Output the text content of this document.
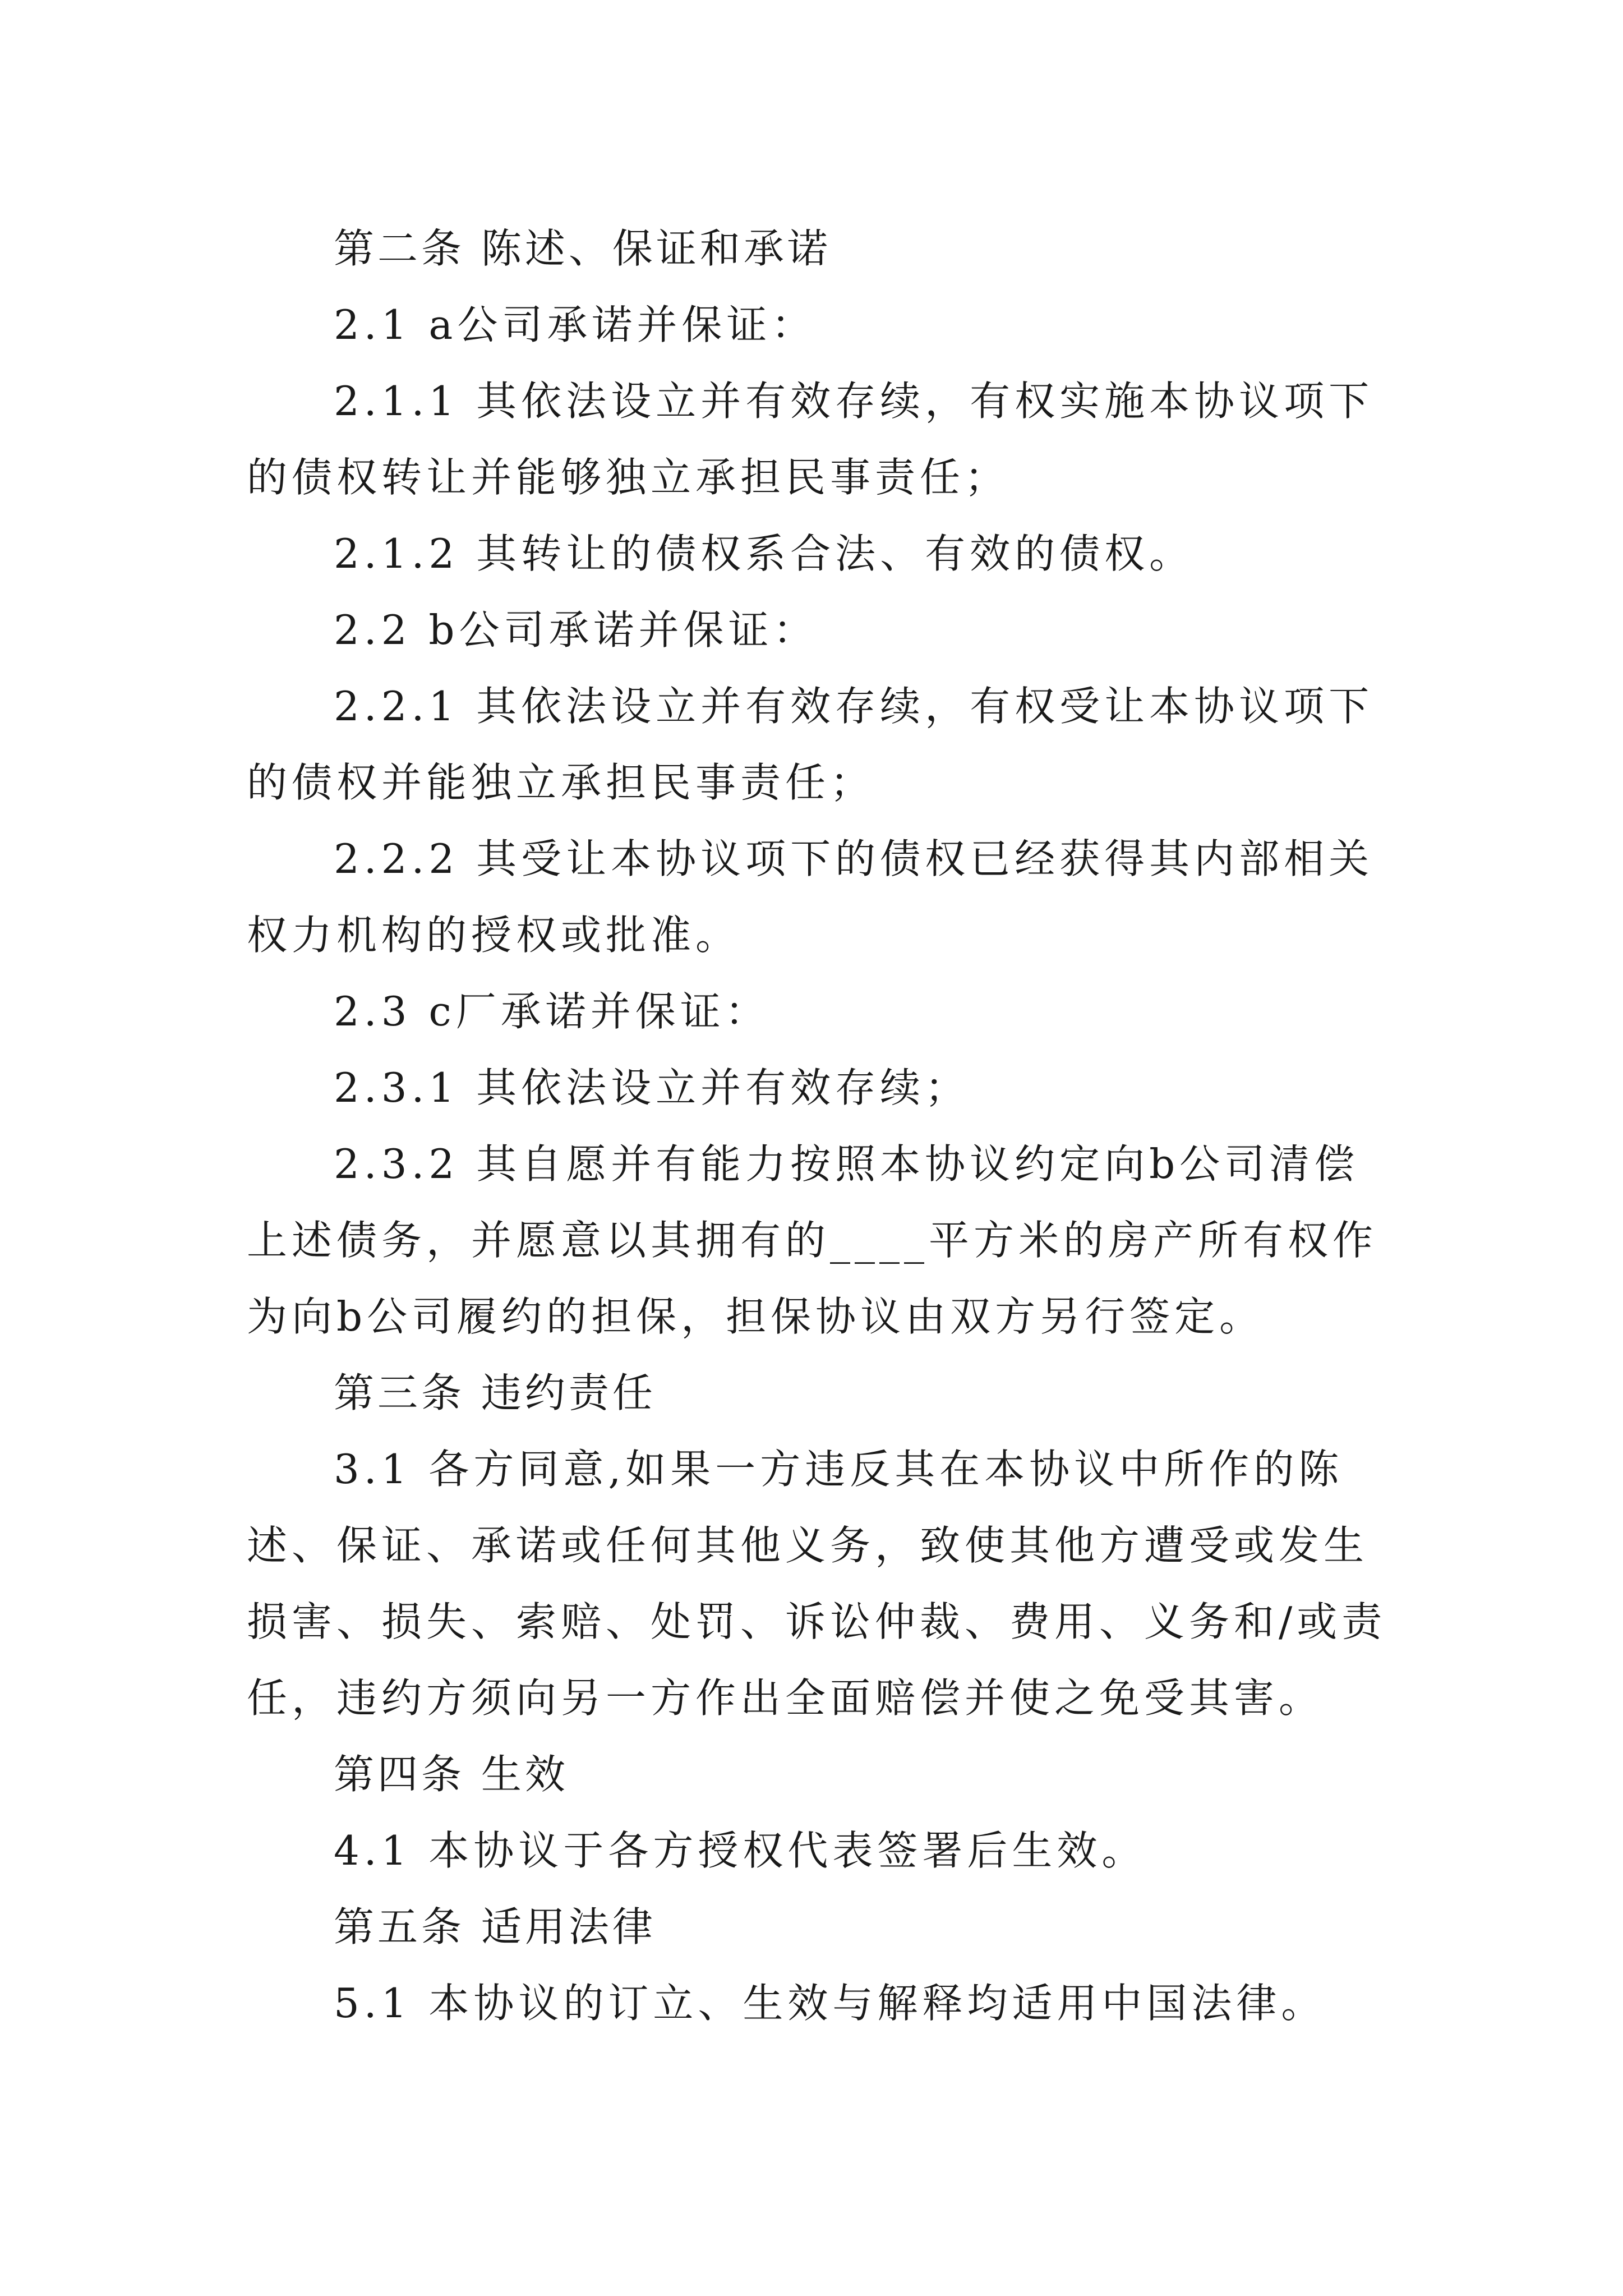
第二条 陈述、保证和承诺

2.1 a公司承诺并保证：

2.1.1 其依法设立并有效存续，有权实施本协议项下的债权转让并能够独立承担民事责任；

2.1.2 其转让的债权系合法、有效的债权。

2.2 b公司承诺并保证：

2.2.1 其依法设立并有效存续，有权受让本协议项下的债权并能独立承担民事责任；

2.2.2 其受让本协议项下的债权已经获得其内部相关权力机构的授权或批准。

2.3 c厂承诺并保证：

2.3.1 其依法设立并有效存续；

2.3.2 其自愿并有能力按照本协议约定向b公司清偿上述债务，并愿意以其拥有的____平方米的房产所有权作为向b公司履约的担保，担保协议由双方另行签定。

第三条 违约责任

3.1 各方同意,如果一方违反其在本协议中所作的陈述、保证、承诺或任何其他义务，致使其他方遭受或发生损害、损失、索赔、处罚、诉讼仲裁、费用、义务和/或责任，违约方须向另一方作出全面赔偿并使之免受其害。

第四条 生效

4.1 本协议于各方授权代表签署后生效。

第五条 适用法律

5.1 本协议的订立、生效与解释均适用中国法律。
